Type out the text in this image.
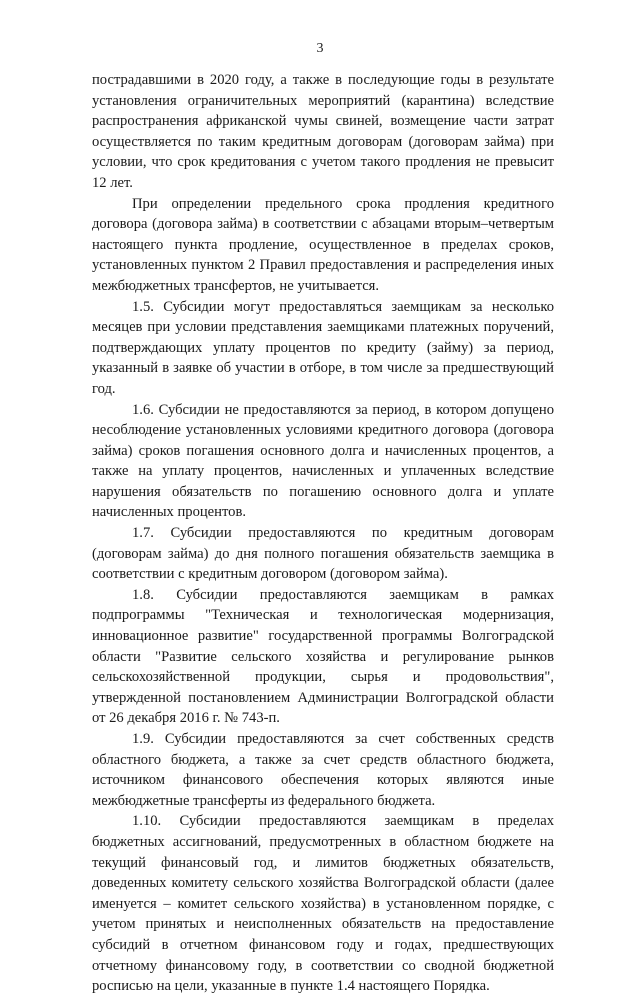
3

пострадавшими в 2020 году, а также в последующие годы в результате установления ограничительных мероприятий (карантина) вследствие распространения африканской чумы свиней, возмещение части затрат осуществляется по таким кредитным договорам (договорам займа) при условии, что срок кредитования с учетом такого продления не превысит 12 лет.

При определении предельного срока продления кредитного договора (договора займа) в соответствии с абзацами вторым–четвертым настоящего пункта продление, осуществленное в пределах сроков, установленных пунктом 2 Правил предоставления и распределения иных межбюджетных трансфертов, не учитывается.

1.5. Субсидии могут предоставляться заемщикам за несколько месяцев при условии представления заемщиками платежных поручений, подтверждающих уплату процентов по кредиту (займу) за период, указанный в заявке об участии в отборе, в том числе за предшествующий год.

1.6. Субсидии не предоставляются за период, в котором допущено несоблюдение установленных условиями кредитного договора (договора займа) сроков погашения основного долга и начисленных процентов, а также на уплату процентов, начисленных и уплаченных вследствие нарушения обязательств по погашению основного долга и уплате начисленных процентов.

1.7. Субсидии предоставляются по кредитным договорам (договорам займа) до дня полного погашения обязательств заемщика в соответствии с кредитным договором (договором займа).

1.8. Субсидии предоставляются заемщикам в рамках подпрограммы "Техническая и технологическая модернизация, инновационное развитие" государственной программы Волгоградской области "Развитие сельского хозяйства и регулирование рынков сельскохозяйственной продукции, сырья и продовольствия", утвержденной постановлением Администрации Волгоградской области от 26 декабря 2016 г. № 743-п.

1.9. Субсидии предоставляются за счет собственных средств областного бюджета, а также за счет средств областного бюджета, источником финансового обеспечения которых являются иные межбюджетные трансферты из федерального бюджета.

1.10. Субсидии предоставляются заемщикам в пределах бюджетных ассигнований, предусмотренных в областном бюджете на текущий финансовый год, и лимитов бюджетных обязательств, доведенных комитету сельского хозяйства Волгоградской области (далее именуется – комитет сельского хозяйства) в установленном порядке, с учетом принятых и неисполненных обязательств на предоставление субсидий в отчетном финансовом году и годах, предшествующих отчетному финансовому году, в соответствии со сводной бюджетной росписью на цели, указанные в пункте 1.4 настоящего Порядка.
